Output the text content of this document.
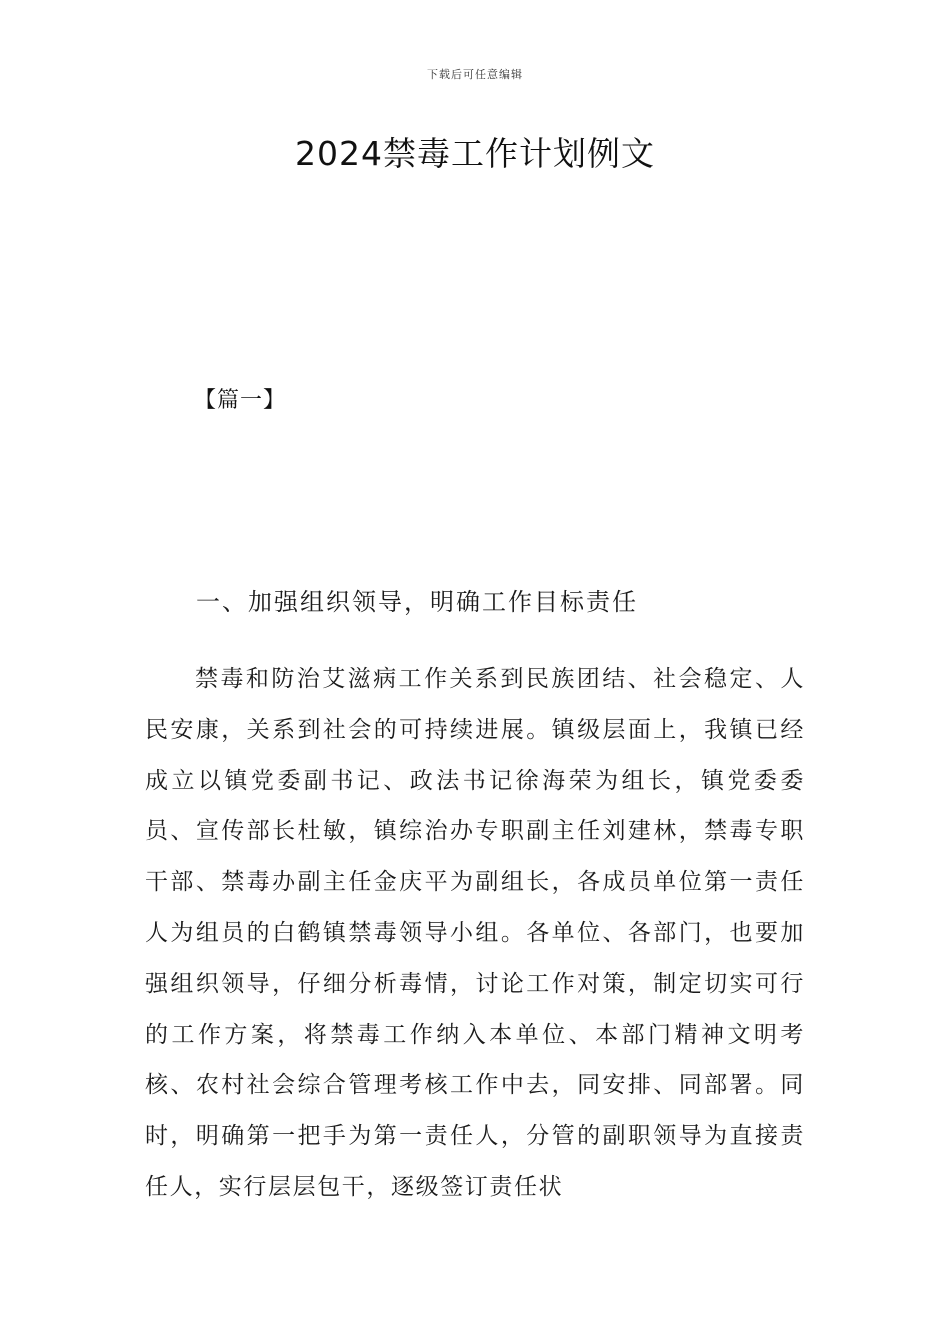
下载后可任意编辑
2024禁毒工作计划例文
【篇一】
一、加强组织领导，明确工作目标责任

禁毒和防治艾滋病工作关系到民族团结、社会稳定、人民安康，关系到社会的可持续进展。镇级层面上，我镇已经成立以镇党委副书记、政法书记徐海荣为组长，镇党委委员、宣传部长杜敏，镇综治办专职副主任刘建林，禁毒专职干部、禁毒办副主任金庆平为副组长，各成员单位第一责任人为组员的白鹤镇禁毒领导小组。各单位、各部门，也要加强组织领导，仔细分析毒情，讨论工作对策，制定切实可行的工作方案，将禁毒工作纳入本单位、本部门精神文明考核、农村社会综合管理考核工作中去，同安排、同部署。同时，明确第一把手为第一责任人，分管的副职领导为直接责任人，实行层层包干，逐级签订责任状
